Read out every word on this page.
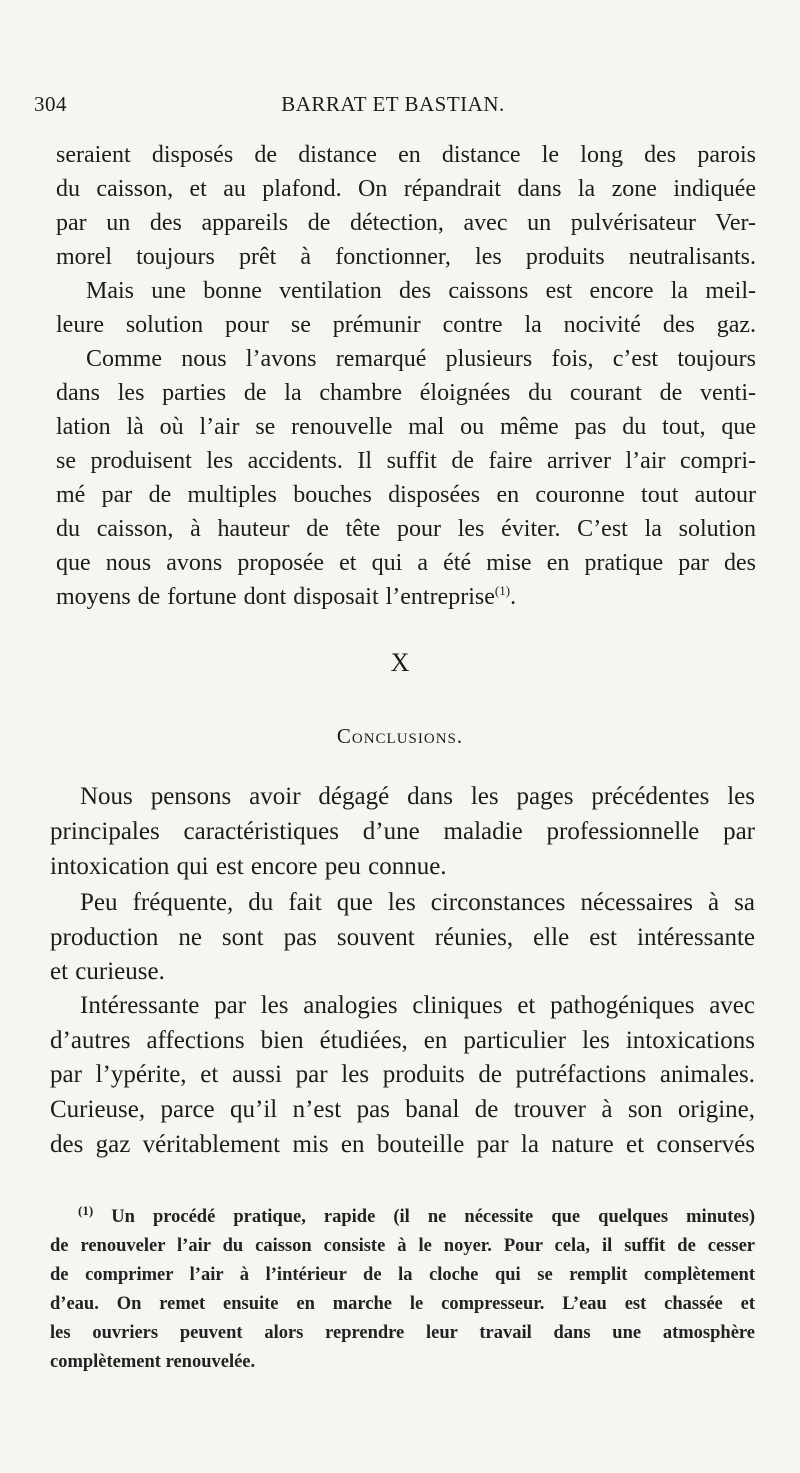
304	BARRAT ET BASTIAN.
seraient disposés de distance en distance le long des parois
du caisson, et au plafond. On répandrait dans la zone indiquée
par un des appareils de détection, avec un pulvérisateur Ver-
morel toujours prêt à fonctionner, les produits neutralisants.
Mais une bonne ventilation des caissons est encore la meil-
leure solution pour se prémunir contre la nocivité des gaz.
Comme nous l’avons remarqué plusieurs fois, c’est toujours
dans les parties de la chambre éloignées du courant de venti-
lation là où l’air se renouvelle mal ou même pas du tout, que
se produisent les accidents. Il suffit de faire arriver l’air compri-
mé par de multiples bouches disposées en couronne tout autour
du caisson, à hauteur de tête pour les éviter. C’est la solution
que nous avons proposée et qui a été mise en pratique par des
moyens de fortune dont disposait l’entreprise$^{(1)}$.
X
Conclusions.
Nous pensons avoir dégagé dans les pages précédentes les
principales caractéristiques d’une maladie professionnelle par
intoxication qui est encore peu connue.
Peu fréquente, du fait que les circonstances nécessaires à sa
production ne sont pas souvent réunies, elle est intéressante
et curieuse.
Intéressante par les analogies cliniques et pathogéniques avec
d’autres affections bien étudiées, en particulier les intoxications
par l’ypérite, et aussi par les produits de putréfactions animales.
Curieuse, parce qu’il n’est pas banal de trouver à son origine,
des gaz véritablement mis en bouteille par la nature et conservés
$^{(1)}$ Un procédé pratique, rapide (il ne nécessite que quelques minutes)
de renouveler l’air du caisson consiste à le noyer. Pour cela, il suffit de cesser
de comprimer l’air à l’intérieur de la cloche qui se remplit complètement
d’eau. On remet ensuite en marche le compresseur. L’eau est chassée et
les ouvriers peuvent alors reprendre leur travail dans une atmosphère
complètement renouvelée.
